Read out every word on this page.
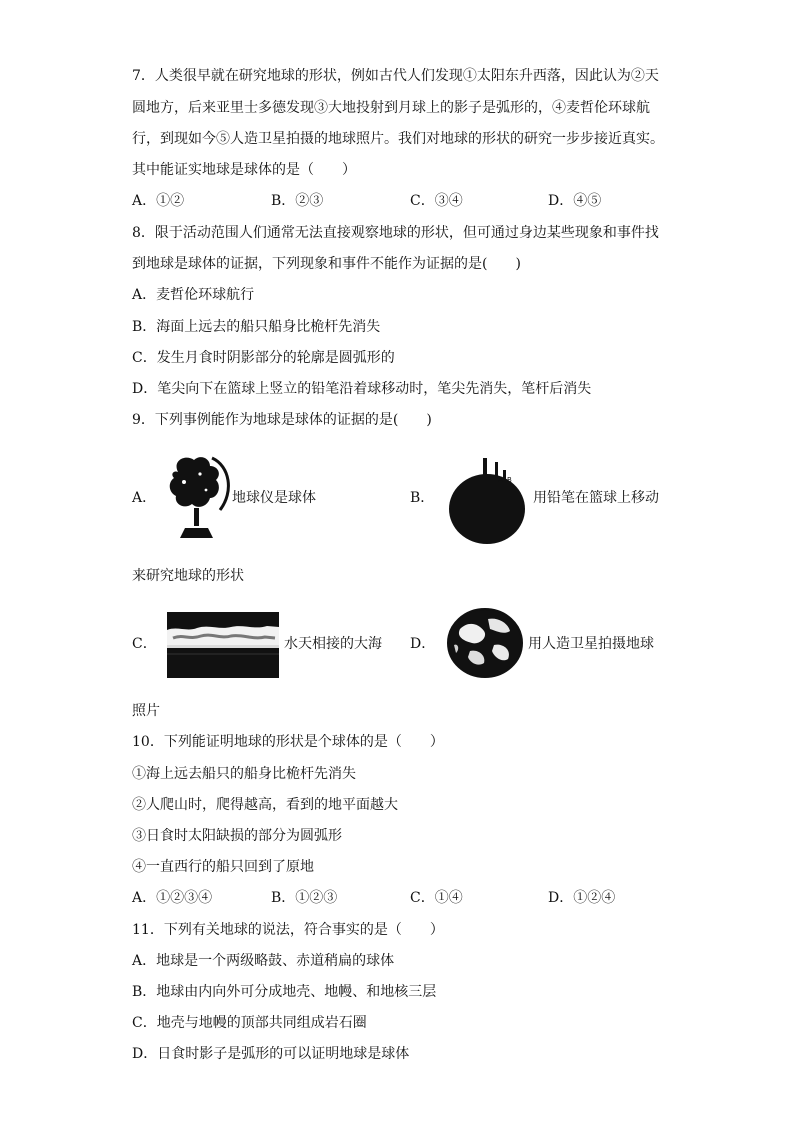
7．人类很早就在研究地球的形状，例如古代人们发现①太阳东升西落，因此认为②天
圆地方，后来亚里士多德发现③大地投射到月球上的影子是弧形的，④麦哲伦环球航
行，到现如今⑤人造卫星拍摄的地球照片。我们对地球的形状的研究一步步接近真实。
其中能证实地球是球体的是（　　）
A．①②	B．②③	C．③④	D．④⑤
8．限于活动范围人们通常无法直接观察地球的形状，但可通过身边某些现象和事件找
到地球是球体的证据，下列现象和事件不能作为证据的是(　　)
A．麦哲伦环球航行
B．海面上远去的船只船身比桅杆先消失
C．发生月食时阴影部分的轮廓是圆弧形的
D．笔尖向下在篮球上竖立的铅笔沿着球移动时，笔尖先消失，笔杆后消失
9．下列事例能作为地球是球体的证据的是(　　)
A．	地球仪是球体	B．
A B
用铅笔在篮球上移动
来研究地球的形状
C．	水天相接的大海 D．	用人造卫星拍摄地球
照片
10．下列能证明地球的形状是个球体的是（　　）
①海上远去船只的船身比桅杆先消失
②人爬山时，爬得越高，看到的地平面越大
③日食时太阳缺损的部分为圆弧形
④一直西行的船只回到了原地
A．①②③④	B．①②③	C．①④	D．①②④
11．下列有关地球的说法，符合事实的是（　　）
A．地球是一个两级略鼓、赤道稍扁的球体
B．地球由内向外可分成地壳、地幔、和地核三层
C．地壳与地幔的顶部共同组成岩石圈
D．日食时影子是弧形的可以证明地球是球体
